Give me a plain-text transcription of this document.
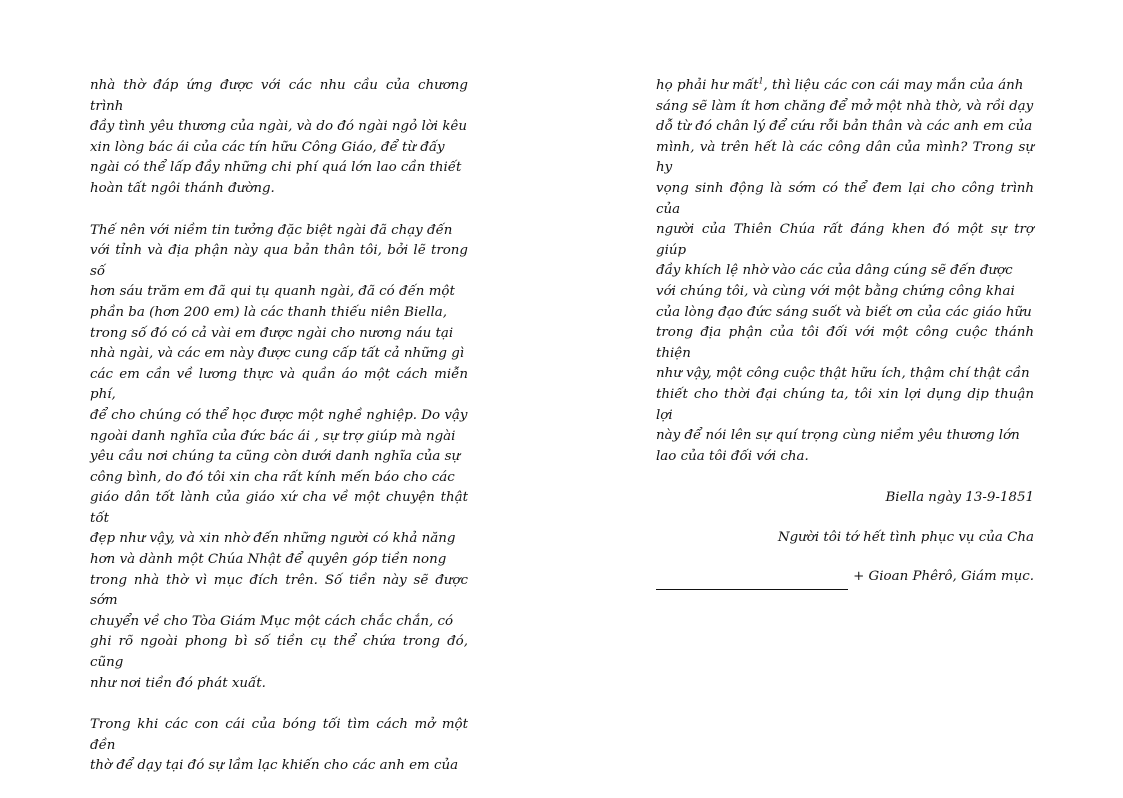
nhà thờ đáp ứng được với các nhu cầu của chương trình
đầy tình yêu thương của ngài, và do đó ngài ngỏ lời kêu
xin lòng bác ái của các tín hữu Công Giáo, để từ đấy
ngài có thể lấp đầy những chi phí quá lớn lao cần thiết
hoàn tất ngôi thánh đường.

Thế nên với niềm tin tưởng đặc biệt ngài đã chạy đến
với tỉnh và địa phận này qua bản thân tôi, bởi lẽ trong số
hơn sáu trăm em đã qui tụ quanh ngài, đã có đến một
phần ba (hơn 200 em) là các thanh thiếu niên Biella,
trong số đó có cả vài em được ngài cho nương náu tại
nhà ngài, và các em này được cung cấp tất cả những gì
các em cần về lương thực và quần áo một cách miễn phí,
để cho chúng có thể học được một nghề nghiệp. Do vậy
ngoài danh nghĩa của đức bác ái , sự trợ giúp mà ngài
yêu cầu nơi chúng ta cũng còn dưới danh nghĩa của sự
công bình, do đó tôi xin cha rất kính mến báo cho các
giáo dân tốt lành của giáo xứ cha về một chuyện thật tốt
đẹp như vậy, và xin nhờ đến những người có khả năng
hơn và dành một Chúa Nhật để quyên góp tiền nong
trong nhà thờ vì mục đích trên. Số tiền này sẽ được sớm
chuyển về cho Tòa Giám Mục một cách chắc chắn, có
ghi rõ ngoài phong bì số tiền cụ thể chứa trong đó, cũng
như nơi tiền đó phát xuất.

Trong khi các con cái của bóng tối tìm cách mở một đền
thờ để dạy tại đó sự lầm lạc khiến cho các anh em của

họ phải hư mất$^1$, thì liệu các con cái may mắn của ánh
sáng sẽ làm ít hơn chăng để mở một nhà thờ, và rồi dạy
dỗ từ đó chân lý để cứu rỗi bản thân và các anh em của
mình, và trên hết là các công dân của mình? Trong sự hy
vọng sinh động là sớm có thể đem lại cho công trình của
người của Thiên Chúa rất đáng khen đó một sự trợ giúp
đầy khích lệ nhờ vào các của dâng cúng sẽ đến được
với chúng tôi, và cùng với một bằng chứng công khai
của lòng đạo đức sáng suốt và biết ơn của các giáo hữu
trong địa phận của tôi đối với một công cuộc thánh thiện
như vậy, một công cuộc thật hữu ích, thậm chí thật cần
thiết cho thời đại chúng ta, tôi xin lợi dụng dịp thuận lợi
này để nói lên sự quí trọng cùng niềm yêu thương lớn
lao của tôi đối với cha.

Biella ngày 13-9-1851

Người tôi tớ hết tình phục vụ của Cha

+ Gioan Phêrô, Giám mục.
